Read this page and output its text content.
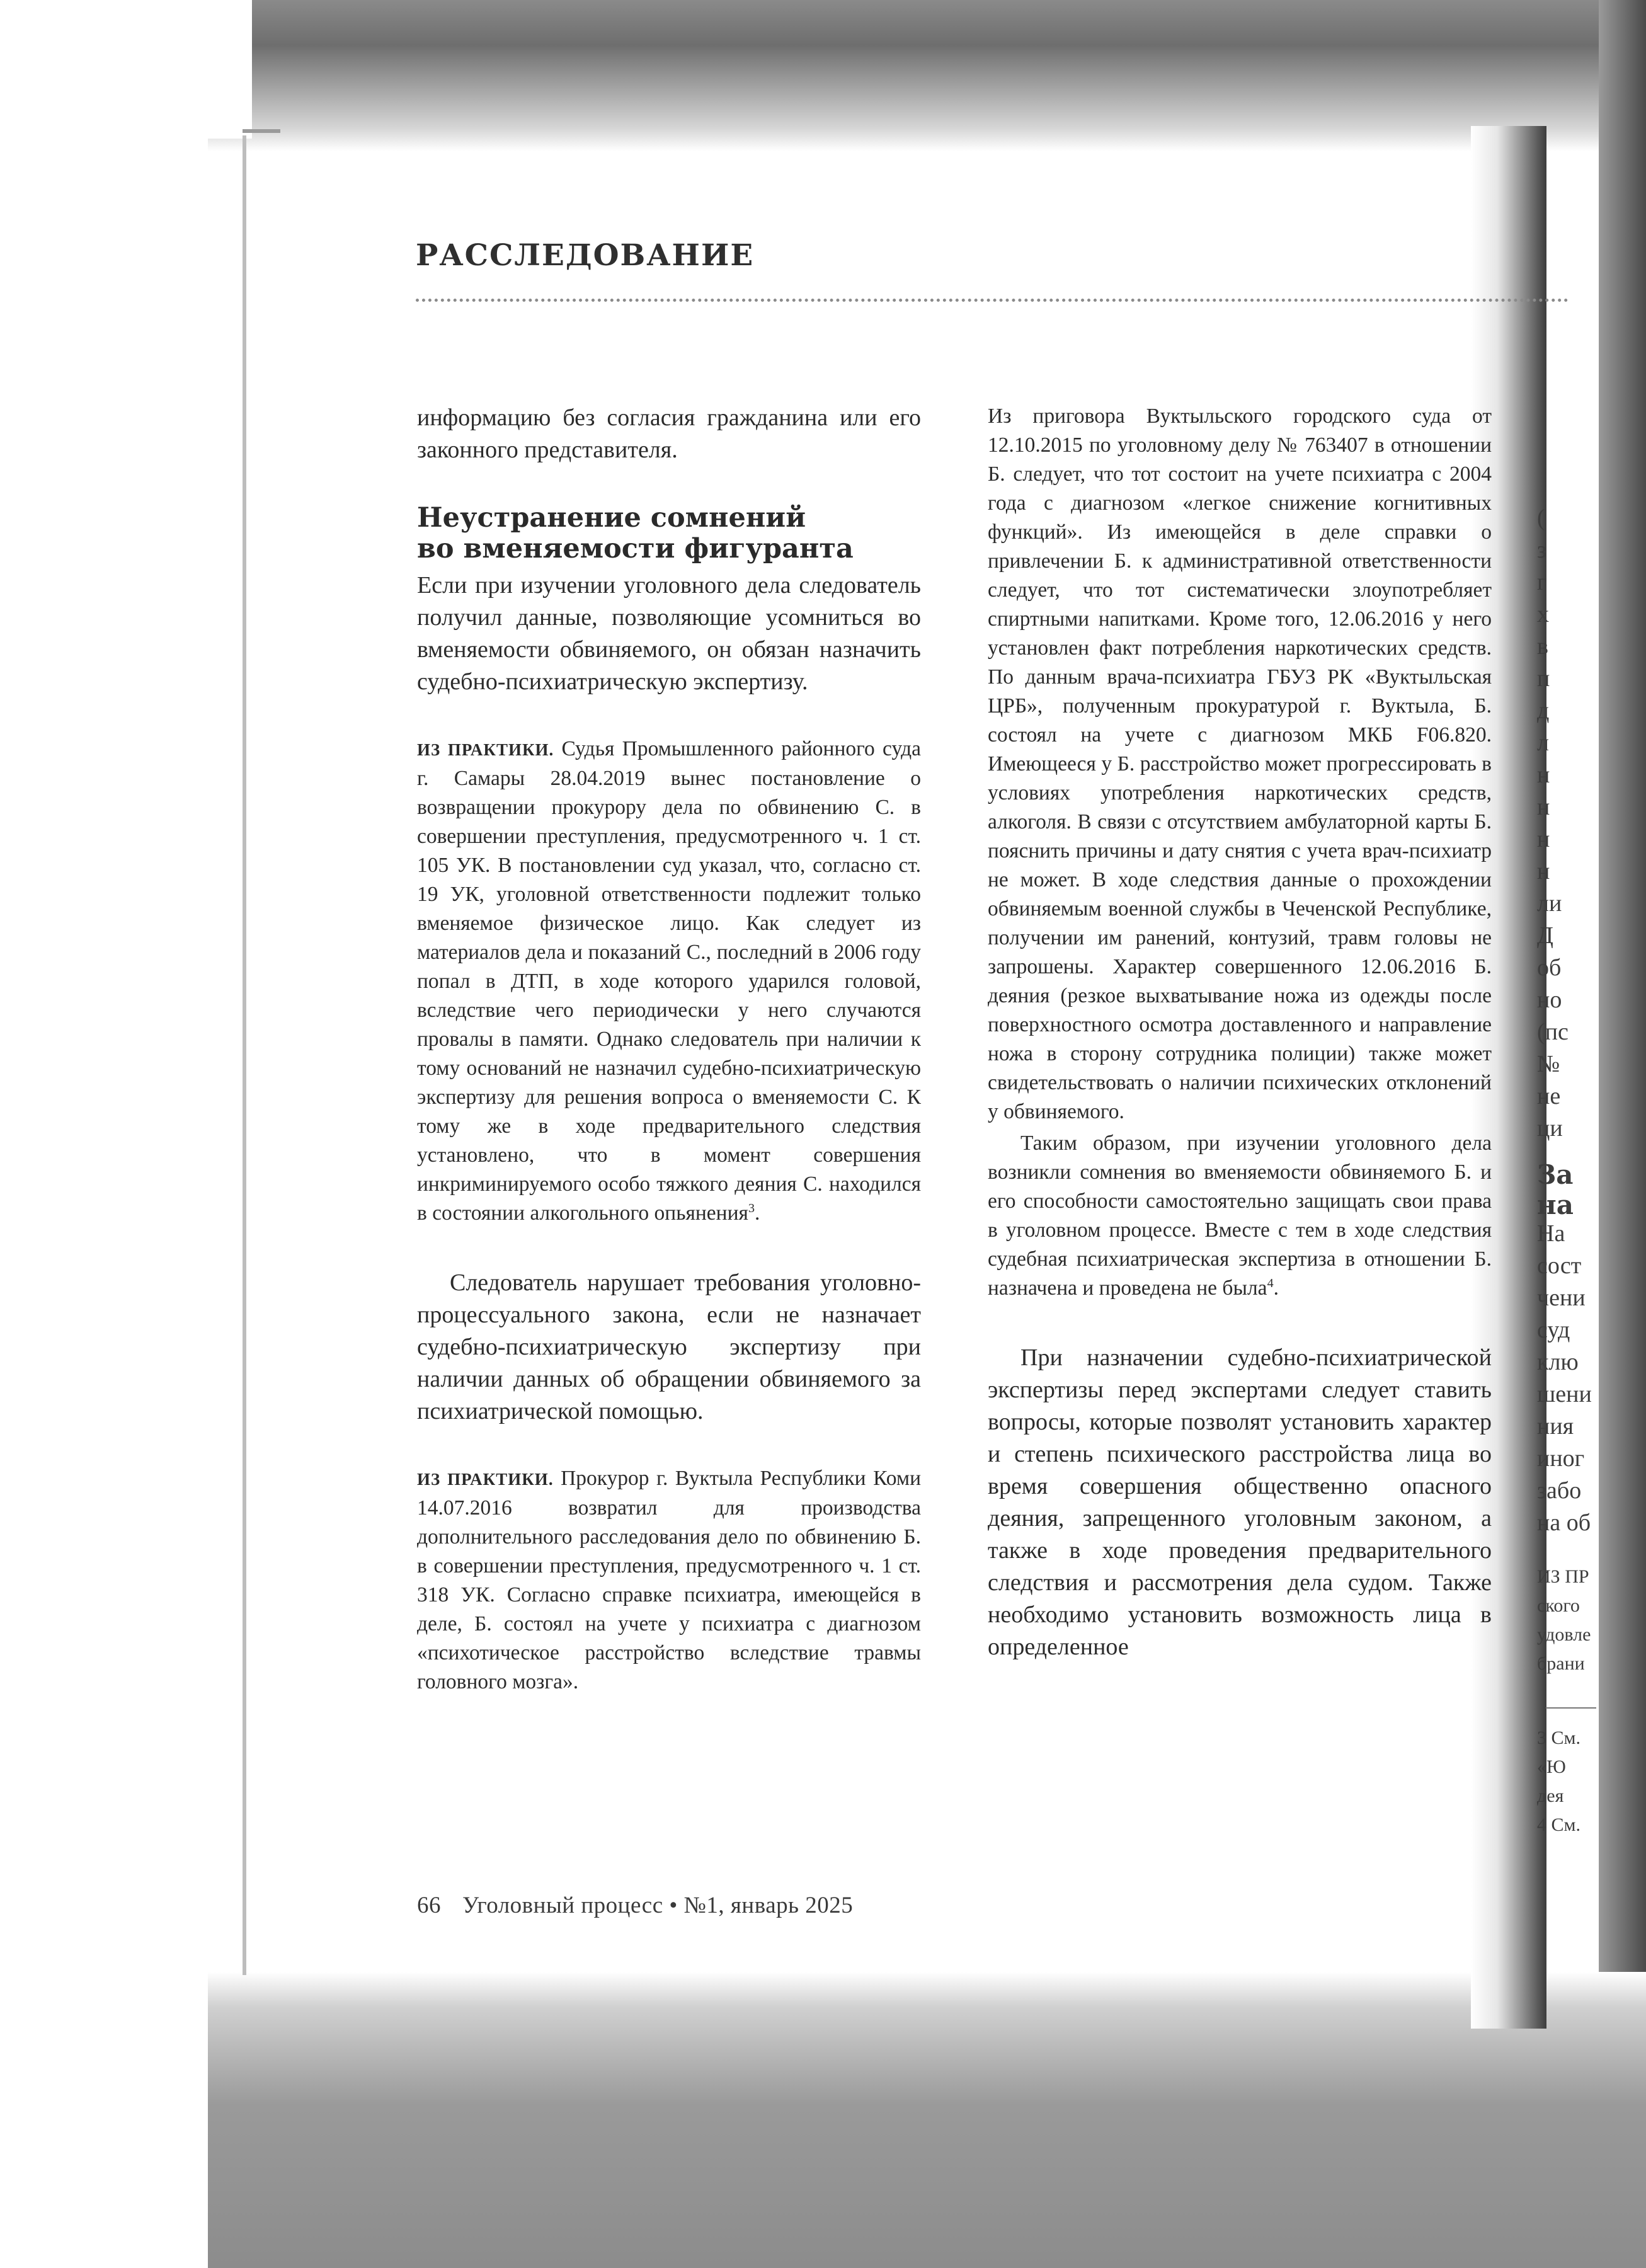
РАССЛЕДОВАНИЕ

информацию без согласия гражданина или его законного представителя.

Неустранение сомнений
во вменяемости фигуранта

Если при изучении уголовного дела следователь получил данные, позволяющие усомниться во вменяемости обвиняемого, он обязан назначить судебно-психиатрическую экспертизу.

ИЗ ПРАКТИКИ. Судья Промышленного районного суда г. Самары 28.04.2019 вынес постановление о возвращении прокурору дела по обвинению С. в совершении преступления, предусмотренного ч. 1 ст. 105 УК. В постановлении суд указал, что, согласно ст. 19 УК, уголовной ответственности подлежит только вменяемое физическое лицо. Как следует из материалов дела и показаний С., последний в 2006 году попал в ДТП, в ходе которого ударился головой, вследствие чего периодически у него случаются провалы в памяти. Однако следователь при наличии к тому оснований не назначил судебно-психиатрическую экспертизу для решения вопроса о вменяемости С. К тому же в ходе предварительного следствия установлено, что в момент совершения инкриминируемого особо тяжкого деяния С. находился в состоянии алкогольного опьянения$^3$.

Следователь нарушает требования уголовно-процессуального закона, если не назначает судебно-психиатрическую экспертизу при наличии данных об обращении обвиняемого за психиатрической помощью.

ИЗ ПРАКТИКИ. Прокурор г. Вуктыла Республики Коми 14.07.2016 возвратил для производства дополнительного расследования дело по обвинению Б. в совершении преступления, предусмотренного ч. 1 ст. 318 УК. Согласно справке психиатра, имеющейся в деле, Б. состоял на учете у психиатра с диагнозом «психотическое расстройство вследствие травмы головного мозга».

Из приговора Вуктыльского городского суда от 12.10.2015 по уголовному делу № 763407 в отношении Б. следует, что тот состоит на учете психиатра с 2004 года с диагнозом «легкое снижение когнитивных функций». Из имеющейся в деле справки о привлечении Б. к административной ответственности следует, что тот систематически злоупотребляет спиртными напитками. Кроме того, 12.06.2016 у него установлен факт потребления наркотических средств. По данным врача-психиатра ГБУЗ РК «Вуктыльская ЦРБ», полученным прокуратурой г. Вуктыла, Б. состоял на учете с диагнозом МКБ F06.820. Имеющееся у Б. расстройство может прогрессировать в условиях употребления наркотических средств, алкоголя. В связи с отсутствием амбулаторной карты Б. пояснить причины и дату снятия с учета врач-психиатр не может. В ходе следствия данные о прохождении обвиняемым военной службы в Чеченской Республике, получении им ранений, контузий, травм головы не запрошены. Характер совершенного 12.06.2016 Б. деяния (резкое выхватывание ножа из одежды после поверхностного осмотра доставленного и направление ножа в сторону сотрудника полиции) также может свидетельствовать о наличии психических отклонений у обвиняемого.

Таким образом, при изучении уголовного дела возникли сомнения во вменяемости обвиняемого Б. и его способности самостоятельно защищать свои права в уголовном процессе. Вместе с тем в ходе следствия судебная психиатрическая экспертиза в отношении Б. назначена и проведена не была$^4$.

При назначении судебно-психиатрической экспертизы перед экспертами следует ставить вопросы, которые позволят установить характер и степень психического расстройства лица во время совершения общественно опасного деяния, запрещенного уголовным законом, а также в ходе проведения предварительного следствия и рассмотрения дела судом. Также необходимо установить возможность лица в определенное

66 Уголовный процесс • №1, январь 2025
(
з
г
х
в
п
д
л
н
н
н
н
ли
Д
об
но
(пс
№
не
ци
За
на
На
сост
чени
суд
клю
шени
ния
иног
забо
на об
ИЗ ПР
ского
удовле
брани
3 См.
«Ю
дея
4 См.
